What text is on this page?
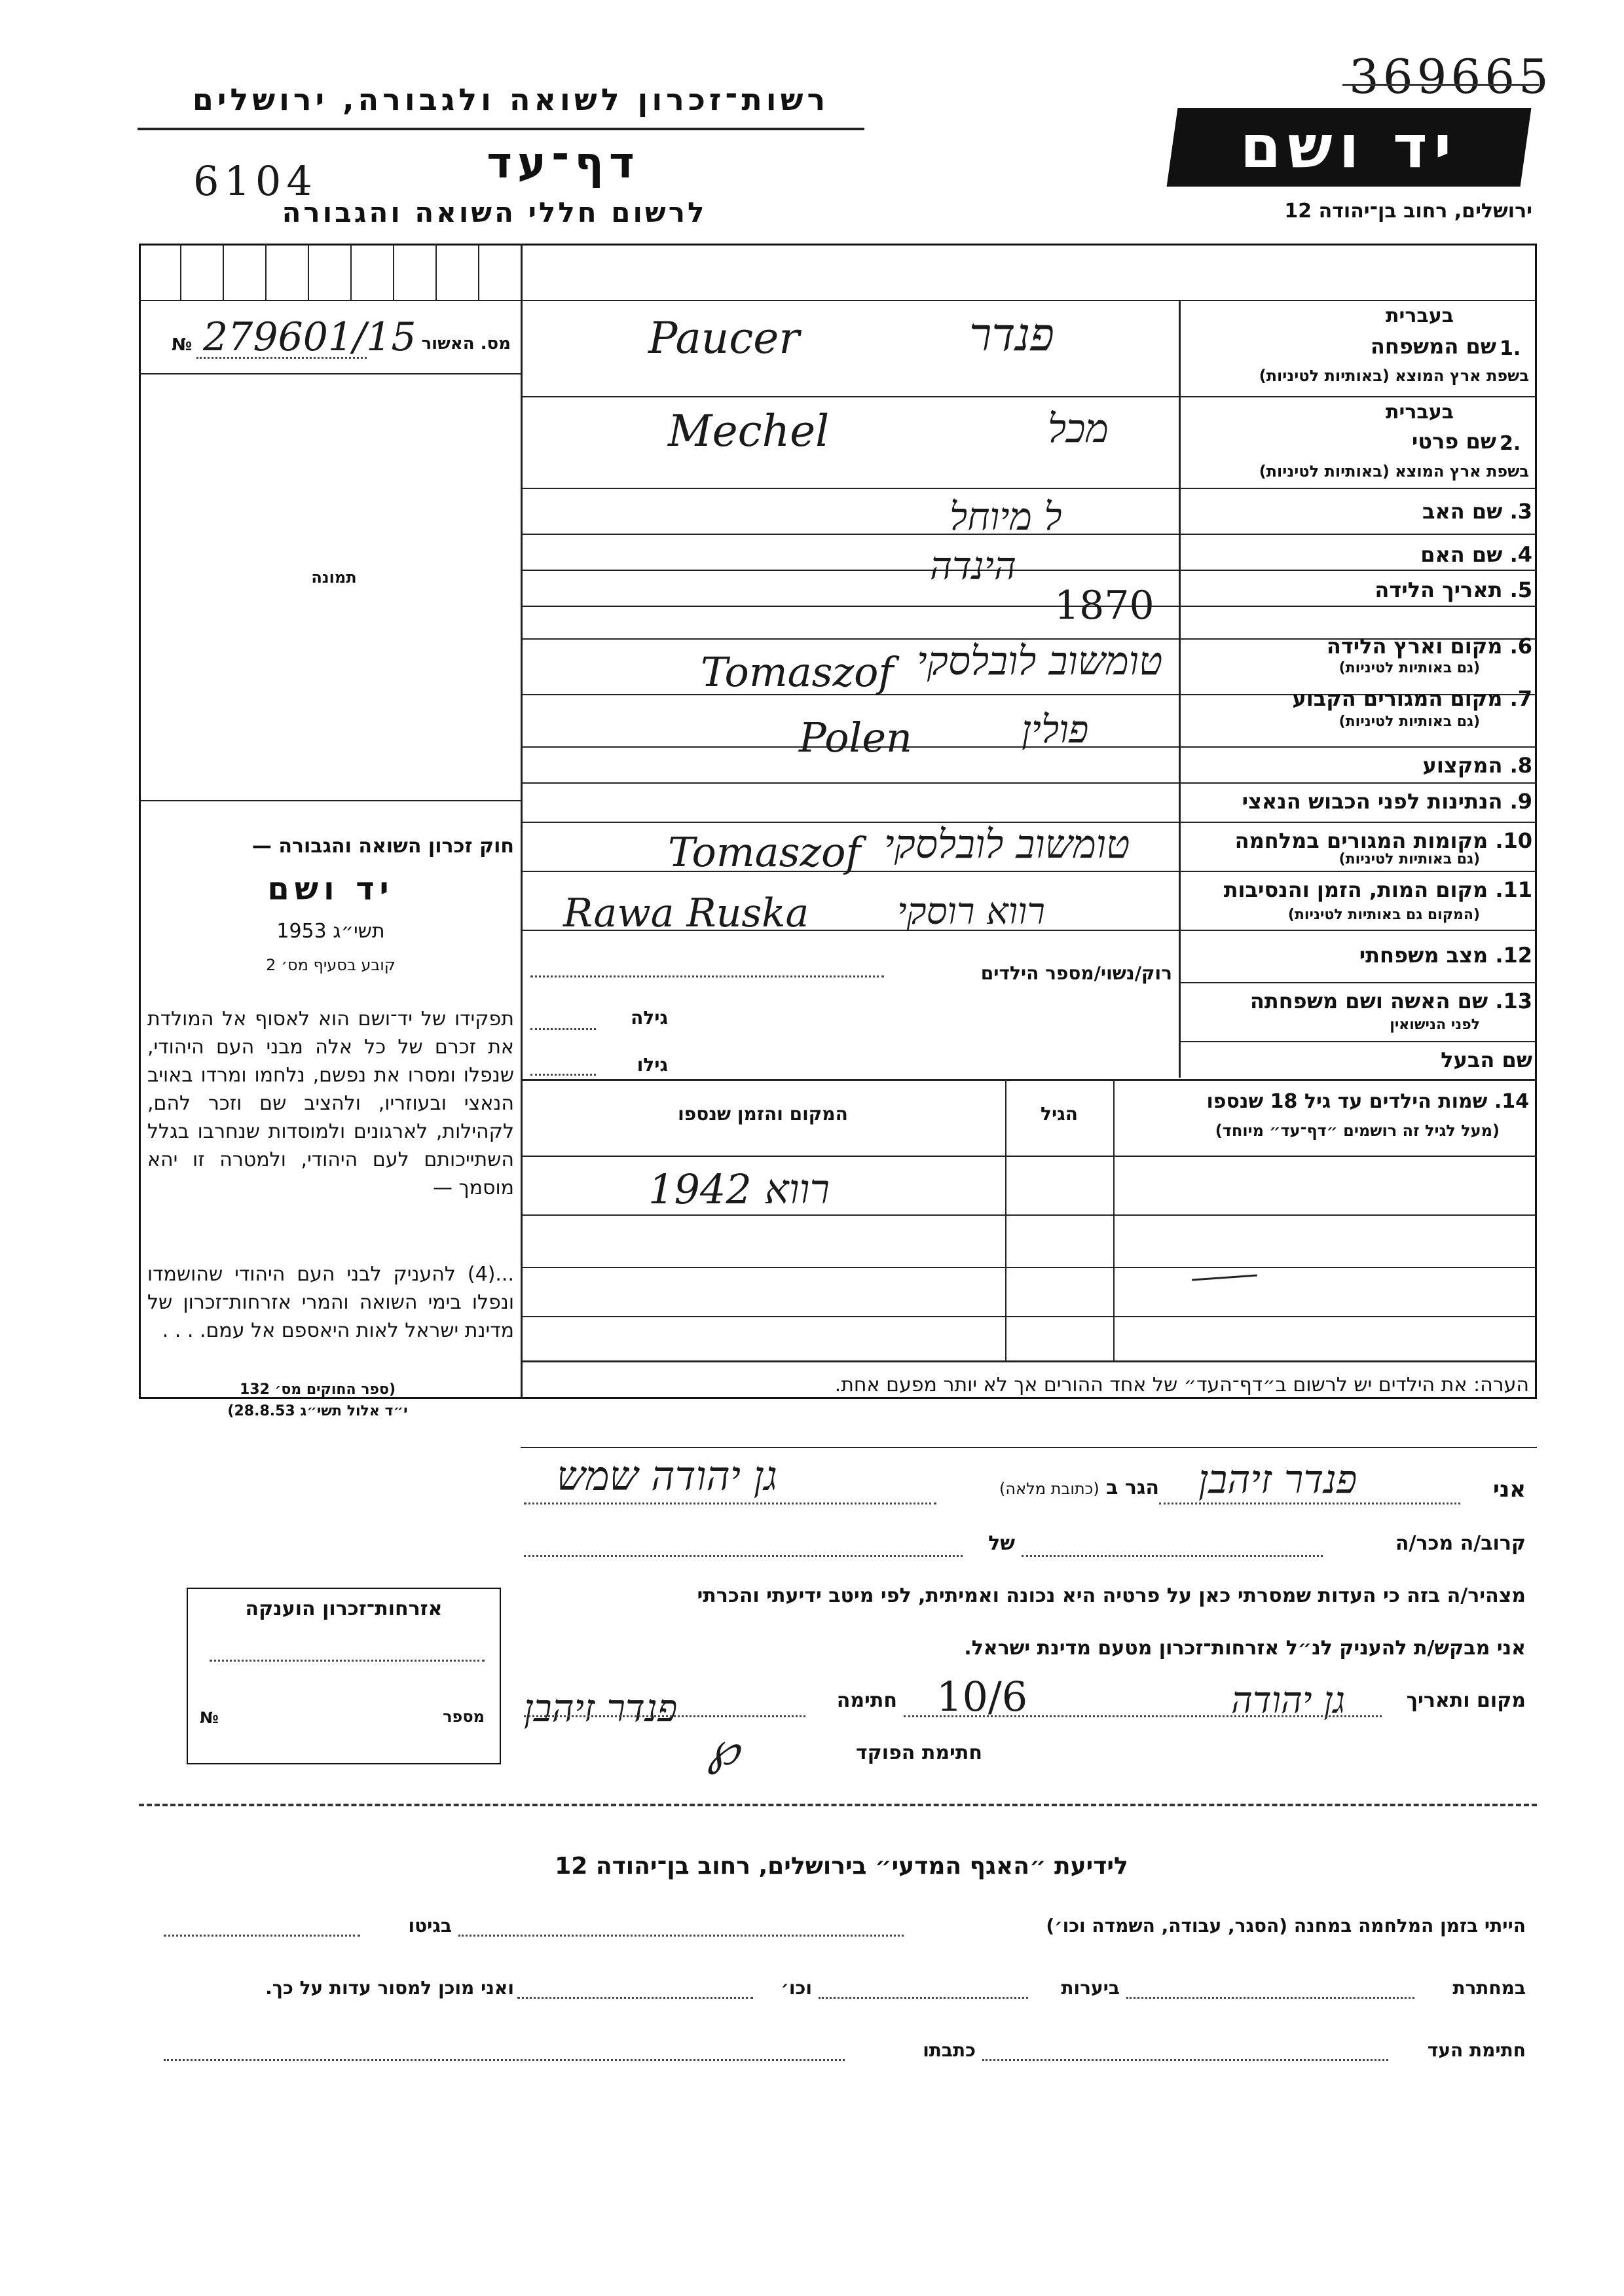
369665
רשות־זכרון לשואה ולגבורה, ירושלים
דף־עד
6104
לרשום חללי השואה והגבורה
יד ושם
ירושלים, רחוב בן־יהודה 12
מס. האשור
№ 279601/15
תמונה
חוק זכרון השואה והגבורה —
יד ושם
תשי״ג 1953
קובע בסעיף מס׳ 2
תפקידו של יד־ושם הוא לאסוף אל המולדת את זכרם של כל אלה מבני העם היהודי, שנפלו ומסרו את נפשם, נלחמו ומרדו באויב הנאצי ובעוזריו, ולהציב שם וזכר להם, לקהילות, לארגונים ולמוסדות שנחרבו בגלל השתייכותם לעם היהודי, ולמטרה זו יהא מוסמך —
...(4) להעניק לבני העם היהודי שהושמדו ונפלו בימי השואה והמרי אזרחות־זכרון של מדינת ישראל לאות היאספם אל עמם. . . .
(ספר החוקים מס׳ 132
י״ד אלול תשי״ג 28.8.53)
בעברית
1.
שם המשפחה
בשפת ארץ המוצא (באותיות לטיניות)
פנדר
Paucer
בעברית
2.
שם פרטי
בשפת ארץ המוצא (באותיות לטיניות)
מכל
Mechel
3. שם האב
ל מיוחל
4. שם האם
הינדה
5. תאריך הלידה
1870
6. מקום וארץ הלידה
(גם באותיות לטיניות)
טומשוב לובלסקי
Tomaszof
7. מקום המגורים הקבוע
(גם באותיות לטיניות)
פולין
Polen
8. המקצוע
9. הנתינות לפני הכבוש הנאצי
10. מקומות המגורים במלחמה
(גם באותיות לטיניות)
טומשוב לובלסקי
Tomaszof
11. מקום המות, הזמן והנסיבות
(המקום גם באותיות לטיניות)
רווא רוסקי
Rawa Ruska
רוק/נשוי/מספר הילדים
12. מצב משפחתי
13. שם האשה ושם משפחתה
לפני הנישואין
גילה
שם הבעל
גילו
14. שמות הילדים עד גיל 18 שנספו
(מעל לגיל זה רושמים ״דף־עד״ מיוחד)
הגיל
המקום והזמן שנספו
רווא 1942
הערה: את הילדים יש לרשום ב״דף־העד״ של אחד ההורים אך לא יותר מפעם אחת.
אזרחות־זכרון הוענקה
מספר
№
אני
פנדר זיהבן
הגר ב (כתובת מלאה)
גן יהודה שמש
קרוב/ה מכר/ה
של
מצהיר/ה בזה כי העדות שמסרתי כאן על פרטיה היא נכונה ואמיתית, לפי מיטב ידיעתי והכרתי
אני מבקש/ת להעניק לנ״ל אזרחות־זכרון מטעם מדינת ישראל.
מקום ותאריך
גן יהודה
10/6
חתימה
פנדר זיהבן
חתימת הפוקד
℘
לידיעת ״האגף המדעי״ בירושלים, רחוב בן־יהודה 12
הייתי בזמן המלחמה במחנה (הסגר, עבודה, השמדה וכו׳)
בגיטו
במחתרת
ביערות
וכו׳
ואני מוכן למסור עדות על כך.
חתימת העד
כתבתו
